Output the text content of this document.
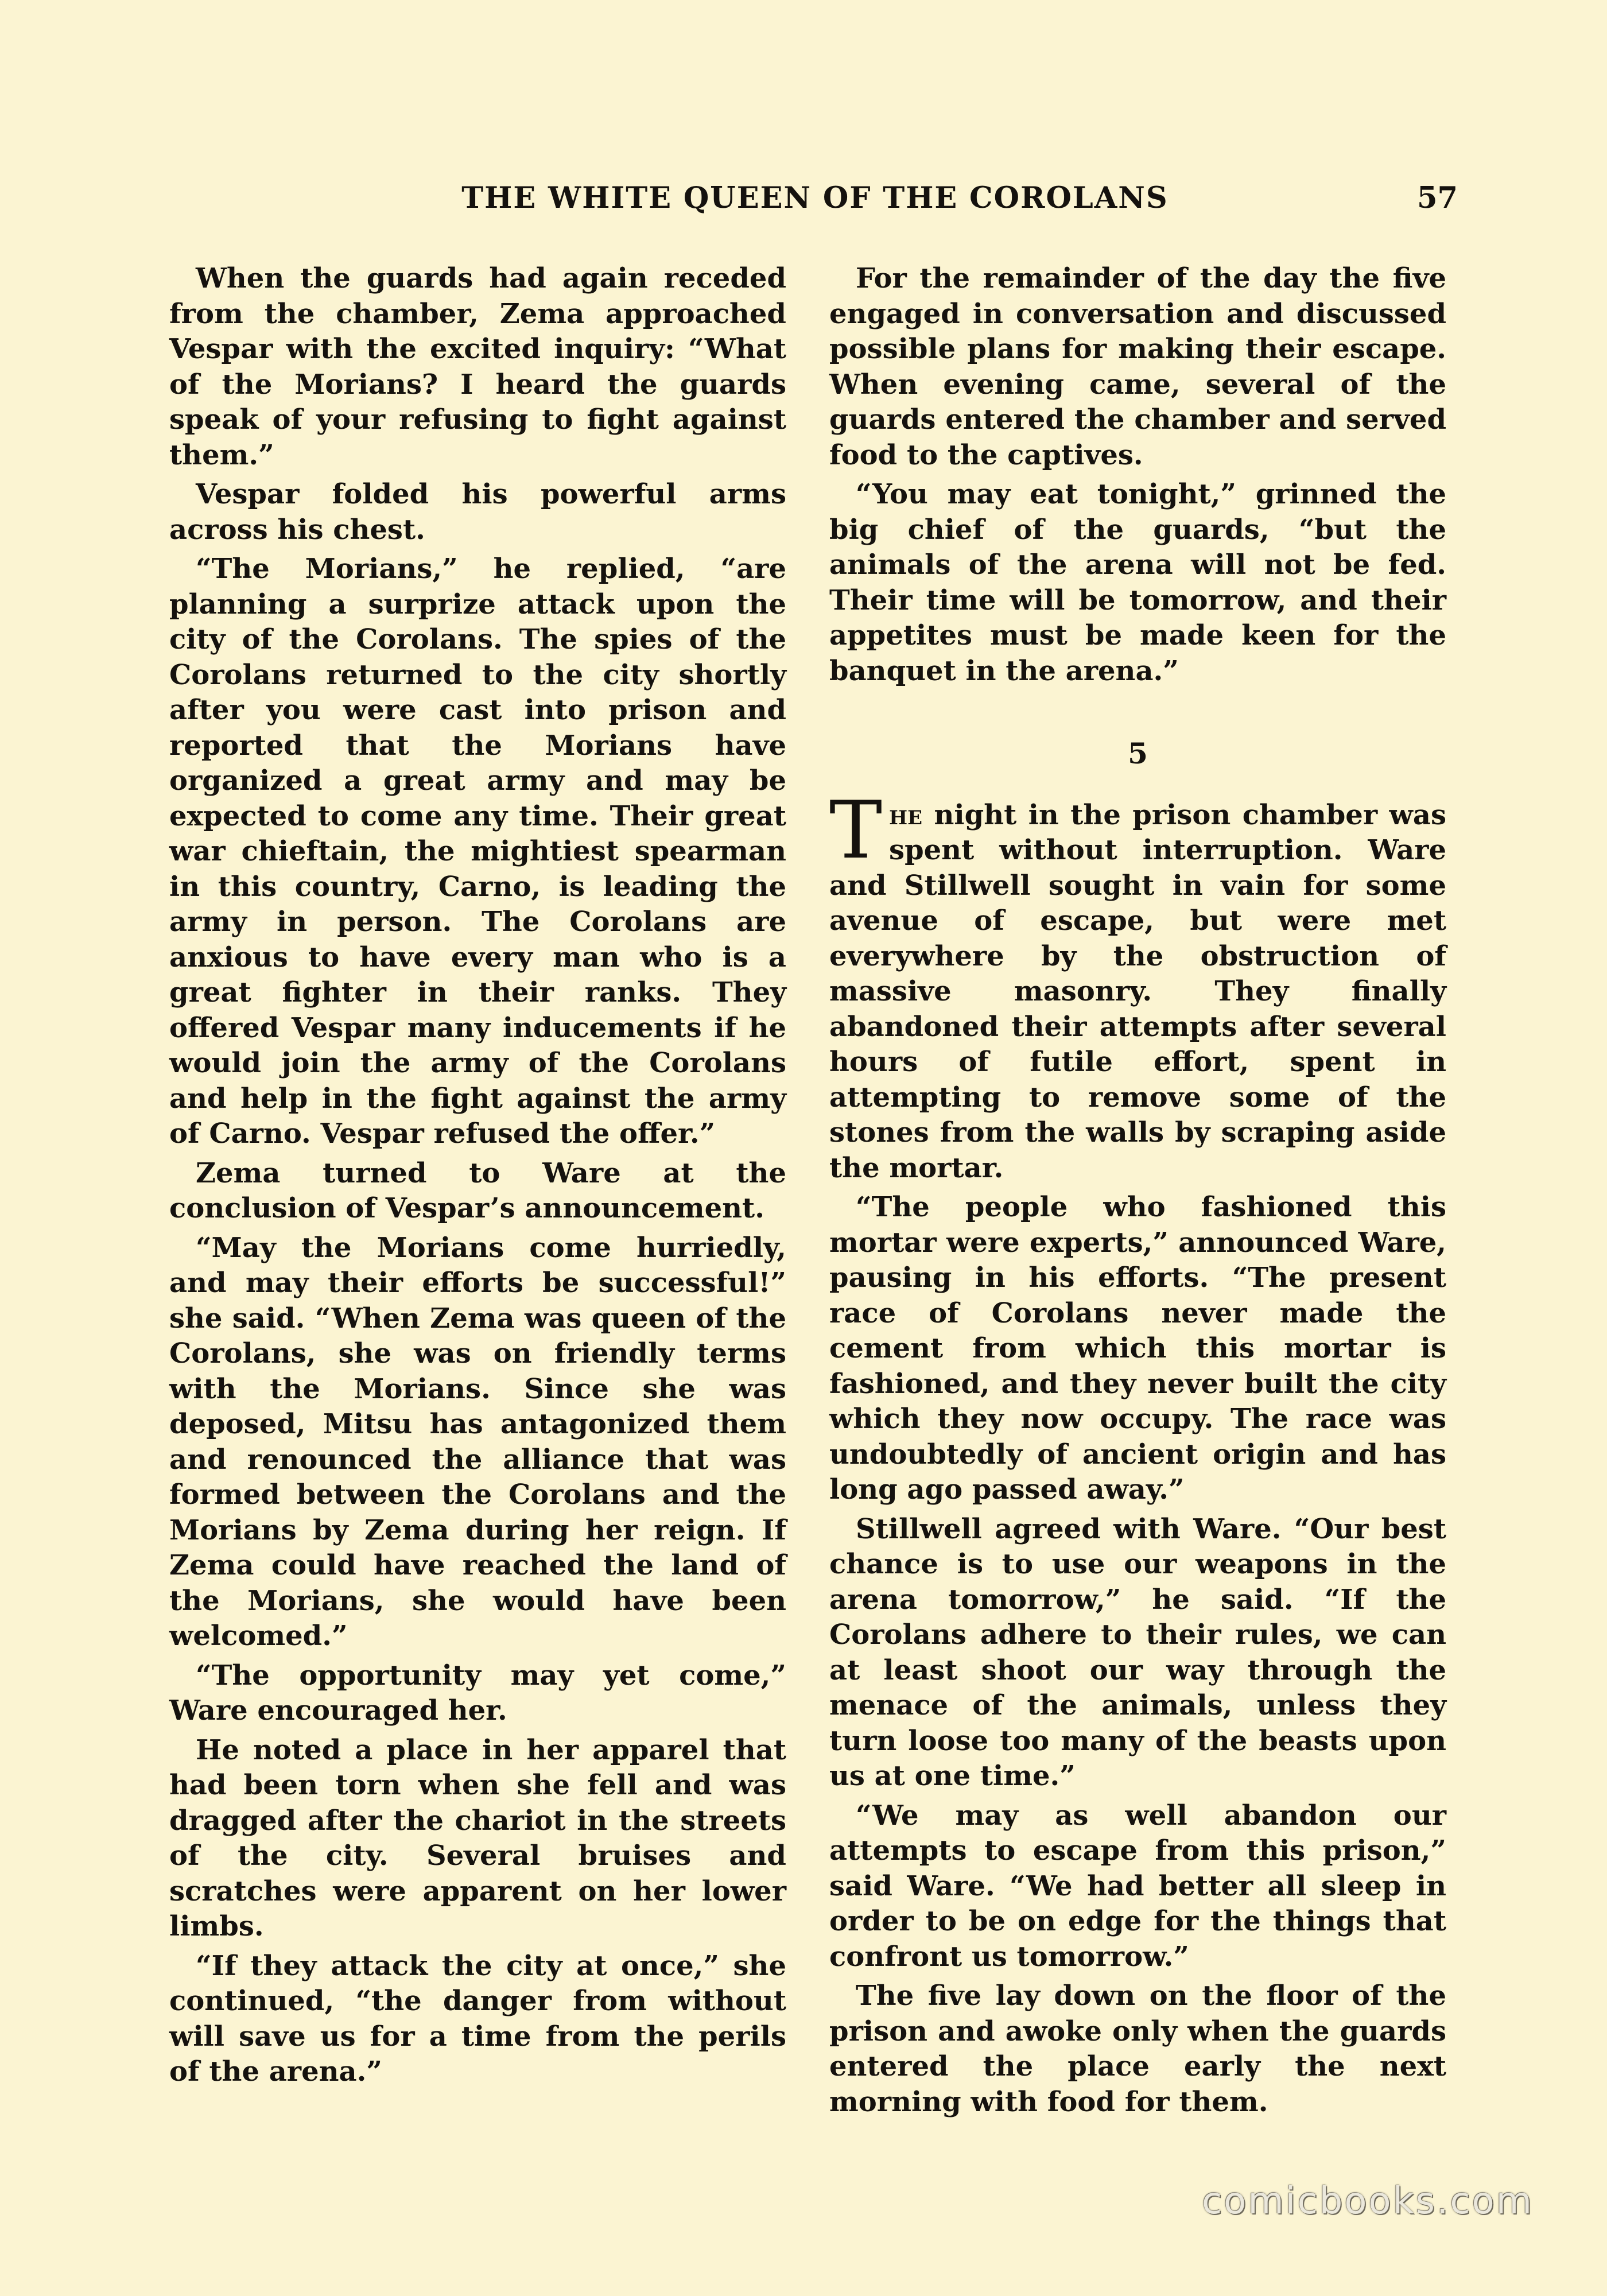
THE WHITE QUEEN OF THE COROLANS	57

When the guards had again receded from the chamber, Zema approached Vespar with the excited inquiry: “What of the Morians? I heard the guards speak of your refusing to fight against them.”

Vespar folded his powerful arms across his chest.

“The Morians,” he replied, “are planning a surprize attack upon the city of the Corolans. The spies of the Corolans returned to the city shortly after you were cast into prison and reported that the Morians have organized a great army and may be expected to come any time. Their great war chieftain, the mightiest spearman in this country, Carno, is leading the army in person. The Corolans are anxious to have every man who is a great fighter in their ranks. They offered Vespar many inducements if he would join the army of the Corolans and help in the fight against the army of Carno. Vespar refused the offer.”

Zema turned to Ware at the conclusion of Vespar’s announcement.

“May the Morians come hurriedly, and may their efforts be successful!” she said. “When Zema was queen of the Corolans, she was on friendly terms with the Morians. Since she was deposed, Mitsu has antagonized them and renounced the alliance that was formed between the Corolans and the Morians by Zema during her reign. If Zema could have reached the land of the Morians, she would have been welcomed.”

“The opportunity may yet come,” Ware encouraged her.

He noted a place in her apparel that had been torn when she fell and was dragged after the chariot in the streets of the city. Several bruises and scratches were apparent on her lower limbs.

“If they attack the city at once,” she continued, “the danger from without will save us for a time from the perils of the arena.”

For the remainder of the day the five engaged in conversation and discussed possible plans for making their escape. When evening came, several of the guards entered the chamber and served food to the captives.

“You may eat tonight,” grinned the big chief of the guards, “but the animals of the arena will not be fed. Their time will be tomorrow, and their appetites must be made keen for the banquet in the arena.”

5

The night in the prison chamber was spent without interruption. Ware and Stillwell sought in vain for some avenue of escape, but were met everywhere by the obstruction of massive masonry. They finally abandoned their attempts after several hours of futile effort, spent in attempting to remove some of the stones from the walls by scraping aside the mortar.

“The people who fashioned this mortar were experts,” announced Ware, pausing in his efforts. “The present race of Corolans never made the cement from which this mortar is fashioned, and they never built the city which they now occupy. The race was undoubtedly of ancient origin and has long ago passed away.”

Stillwell agreed with Ware. “Our best chance is to use our weapons in the arena tomorrow,” he said. “If the Corolans adhere to their rules, we can at least shoot our way through the menace of the animals, unless they turn loose too many of the beasts upon us at one time.”

“We may as well abandon our attempts to escape from this prison,” said Ware. “We had better all sleep in order to be on edge for the things that confront us tomorrow.”

The five lay down on the floor of the prison and awoke only when the guards entered the place early the next morning with food for them.

comicbooks.com
